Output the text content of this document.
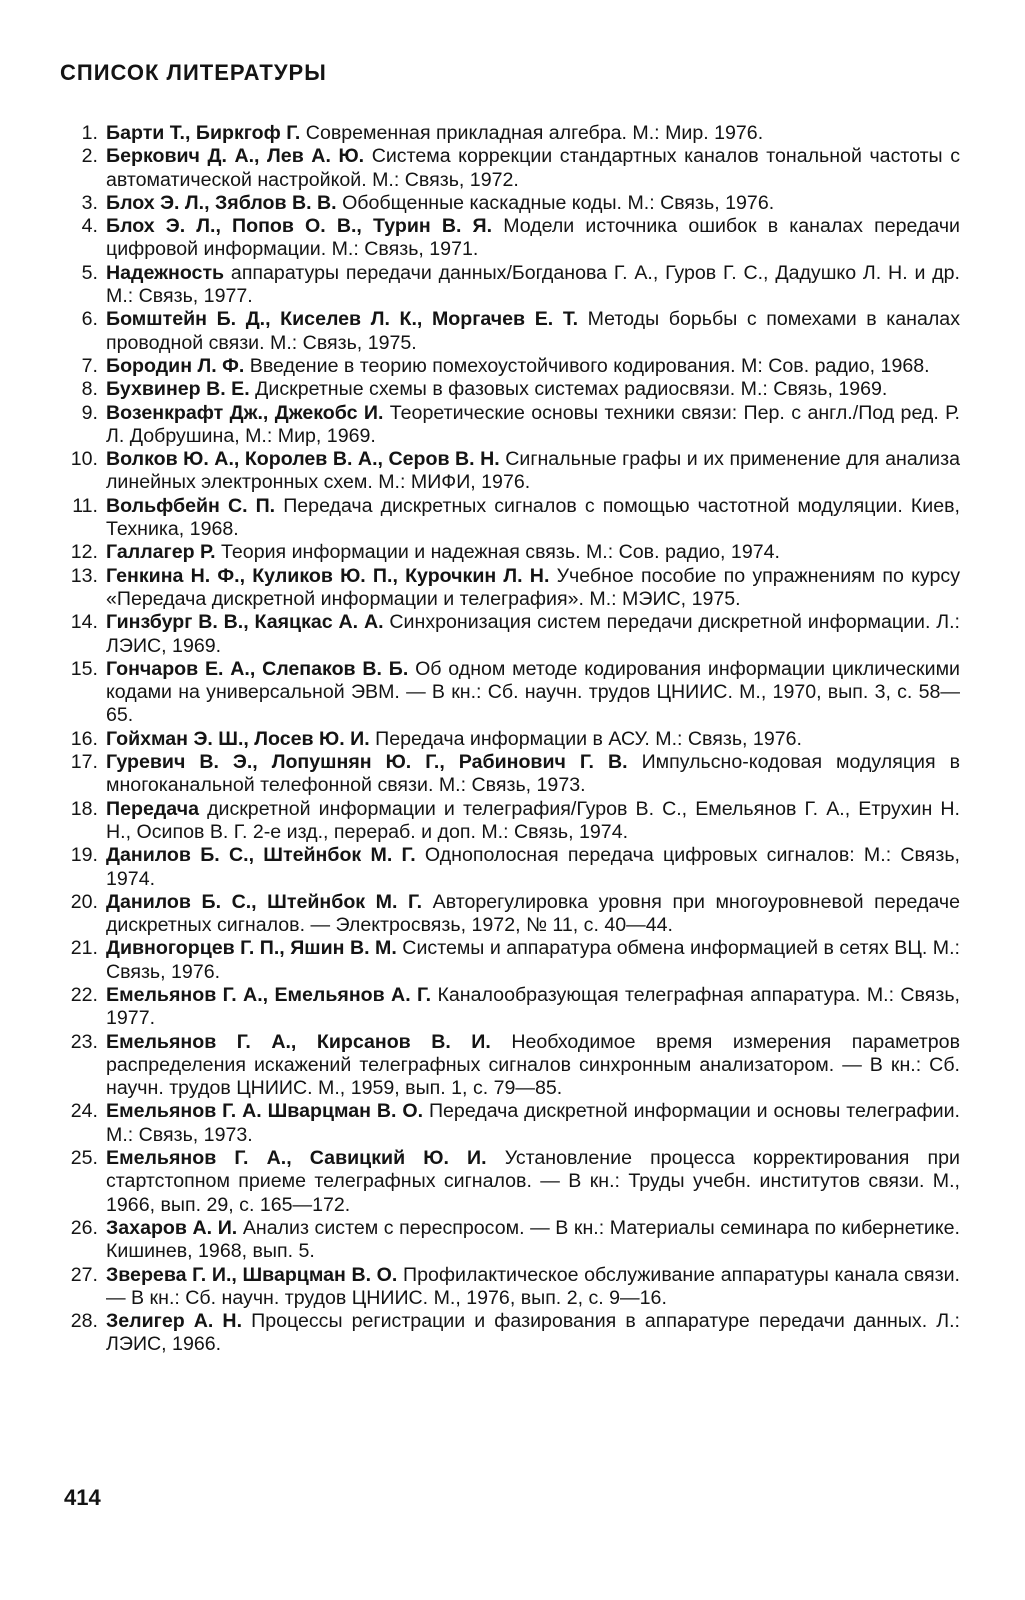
СПИСОК ЛИТЕРАТУРЫ
1. Барти Т., Биркгоф Г. Современная прикладная алгебра. М.: Мир. 1976.
2. Беркович Д. А., Лев А. Ю. Система коррекции стандартных каналов тональной частоты с автоматической настройкой. М.: Связь, 1972.
3. Блох Э. Л., Зяблов В. В. Обобщенные каскадные коды. М.: Связь, 1976.
4. Блох Э. Л., Попов О. В., Турин В. Я. Модели источника ошибок в каналах передачи цифровой информации. М.: Связь, 1971.
5. Надежность аппаратуры передачи данных/Богданова Г. А., Гуров Г. С., Дадушко Л. Н. и др. М.: Связь, 1977.
6. Бомштейн Б. Д., Киселев Л. К., Моргачев Е. Т. Методы борьбы с помехами в каналах проводной связи. М.: Связь, 1975.
7. Бородин Л. Ф. Введение в теорию помехоустойчивого кодирования. М: Сов. радио, 1968.
8. Бухвинер В. Е. Дискретные схемы в фазовых системах радиосвязи. М.: Связь, 1969.
9. Возенкрафт Дж., Джекобс И. Теоретические основы техники связи: Пер. с англ./Под ред. Р. Л. Добрушина, М.: Мир, 1969.
10. Волков Ю. А., Королев В. А., Серов В. Н. Сигнальные графы и их применение для анализа линейных электронных схем. М.: МИФИ, 1976.
11. Вольфбейн С. П. Передача дискретных сигналов с помощью частотной модуляции. Киев, Техника, 1968.
12. Галлагер Р. Теория информации и надежная связь. М.: Сов. радио, 1974.
13. Генкина Н. Ф., Куликов Ю. П., Курочкин Л. Н. Учебное пособие по упражнениям по курсу «Передача дискретной информации и телеграфия». М.: МЭИС, 1975.
14. Гинзбург В. В., Каяцкас А. А. Синхронизация систем передачи дискретной информации. Л.: ЛЭИС, 1969.
15. Гончаров Е. А., Слепаков В. Б. Об одном методе кодирования информации циклическими кодами на универсальной ЭВМ. — В кн.: Сб. научн. трудов ЦНИИС. М., 1970, вып. 3, с. 58—65.
16. Гойхман Э. Ш., Лосев Ю. И. Передача информации в АСУ. М.: Связь, 1976.
17. Гуревич В. Э., Лопушнян Ю. Г., Рабинович Г. В. Импульсно-кодовая модуляция в многоканальной телефонной связи. М.: Связь, 1973.
18. Передача дискретной информации и телеграфия/Гуров В. С., Емельянов Г. А., Етрухин Н. Н., Осипов В. Г. 2-е изд., перераб. и доп. М.: Связь, 1974.
19. Данилов Б. С., Штейнбок М. Г. Однополосная передача цифровых сигналов: М.: Связь, 1974.
20. Данилов Б. С., Штейнбок М. Г. Авторегулировка уровня при многоуровневой передаче дискретных сигналов. — Электросвязь, 1972, № 11, с. 40—44.
21. Дивногорцев Г. П., Яшин В. М. Системы и аппаратура обмена информацией в сетях ВЦ. М.: Связь, 1976.
22. Емельянов Г. А., Емельянов А. Г. Каналообразующая телеграфная аппаратура. М.: Связь, 1977.
23. Емельянов Г. А., Кирсанов В. И. Необходимое время измерения параметров распределения искажений телеграфных сигналов синхронным анализатором. — В кн.: Сб. научн. трудов ЦНИИС. М., 1959, вып. 1, с. 79—85.
24. Емельянов Г. А. Шварцман В. О. Передача дискретной информации и основы телеграфии. М.: Связь, 1973.
25. Емельянов Г. А., Савицкий Ю. И. Установление процесса корректирования при стартстопном приеме телеграфных сигналов. — В кн.: Труды учебн. институтов связи. М., 1966, вып. 29, с. 165—172.
26. Захаров А. И. Анализ систем с переспросом. — В кн.: Материалы семинара по кибернетике. Кишинев, 1968, вып. 5.
27. Зверева Г. И., Шварцман В. О. Профилактическое обслуживание аппаратуры канала связи. — В кн.: Сб. научн. трудов ЦНИИС. М., 1976, вып. 2, с. 9—16.
28. Зелигер А. Н. Процессы регистрации и фазирования в аппаратуре передачи данных. Л.: ЛЭИС, 1966.
414
